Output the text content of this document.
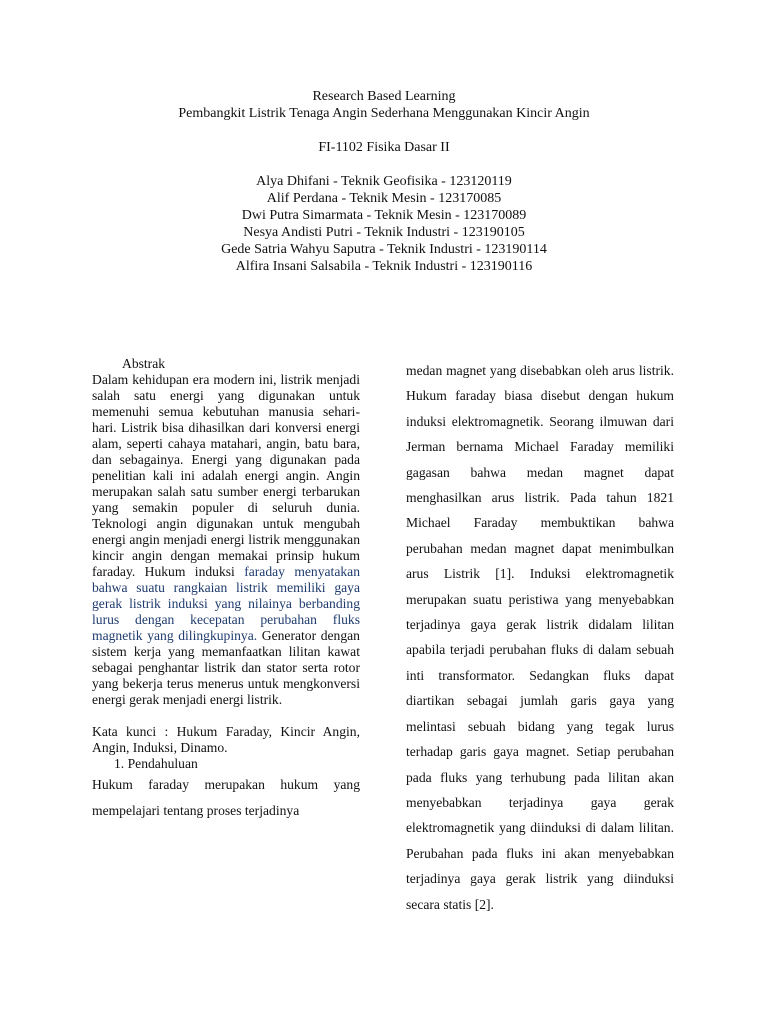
Research Based Learning
Pembangkit Listrik Tenaga Angin Sederhana Menggunakan Kincir Angin
FI-1102 Fisika Dasar II
Alya Dhifani - Teknik Geofisika - 123120119
Alif Perdana - Teknik Mesin - 123170085
Dwi Putra Simarmata - Teknik Mesin - 123170089
Nesya Andisti Putri - Teknik Industri - 123190105
Gede Satria Wahyu Saputra - Teknik Industri - 123190114
Alfira Insani Salsabila - Teknik Industri - 123190116

Abstrak

Dalam kehidupan era modern ini, listrik menjadi salah satu energi yang digunakan untuk memenuhi semua kebutuhan manusia sehari-hari. Listrik bisa dihasilkan dari konversi energi alam, seperti cahaya matahari, angin, batu bara, dan sebagainya. Energi yang digunakan pada penelitian kali ini adalah energi angin. Angin merupakan salah satu sumber energi terbarukan yang semakin populer di seluruh dunia. Teknologi angin digunakan untuk mengubah energi angin menjadi energi listrik menggunakan kincir angin dengan memakai prinsip hukum faraday. Hukum induksi faraday menyatakan bahwa suatu rangkaian listrik memiliki gaya gerak listrik induksi yang nilainya berbanding lurus dengan kecepatan perubahan fluks magnetik yang dilingkupinya. Generator dengan sistem kerja yang memanfaatkan lilitan kawat sebagai penghantar listrik dan stator serta rotor yang bekerja terus menerus untuk mengkonversi energi gerak menjadi energi listrik.

Kata kunci : Hukum Faraday, Kincir Angin, Angin, Induksi, Dinamo.

1. Pendahuluan

Hukum faraday merupakan hukum yang mempelajari tentang proses terjadinya

medan magnet yang disebabkan oleh arus listrik. Hukum faraday biasa disebut dengan hukum induksi elektromagnetik. Seorang ilmuwan dari Jerman bernama Michael Faraday memiliki gagasan bahwa medan magnet dapat menghasilkan arus listrik. Pada tahun 1821 Michael Faraday membuktikan bahwa perubahan medan magnet dapat menimbulkan arus Listrik [1]. Induksi elektromagnetik merupakan suatu peristiwa yang menyebabkan terjadinya gaya gerak listrik didalam lilitan apabila terjadi perubahan fluks di dalam sebuah inti transformator. Sedangkan fluks dapat diartikan sebagai jumlah garis gaya yang melintasi sebuah bidang yang tegak lurus terhadap garis gaya magnet. Setiap perubahan pada fluks yang terhubung pada lilitan akan menyebabkan terjadinya gaya gerak elektromagnetik yang diinduksi di dalam lilitan. Perubahan pada fluks ini akan menyebabkan terjadinya gaya gerak listrik yang diinduksi secara statis [2].
